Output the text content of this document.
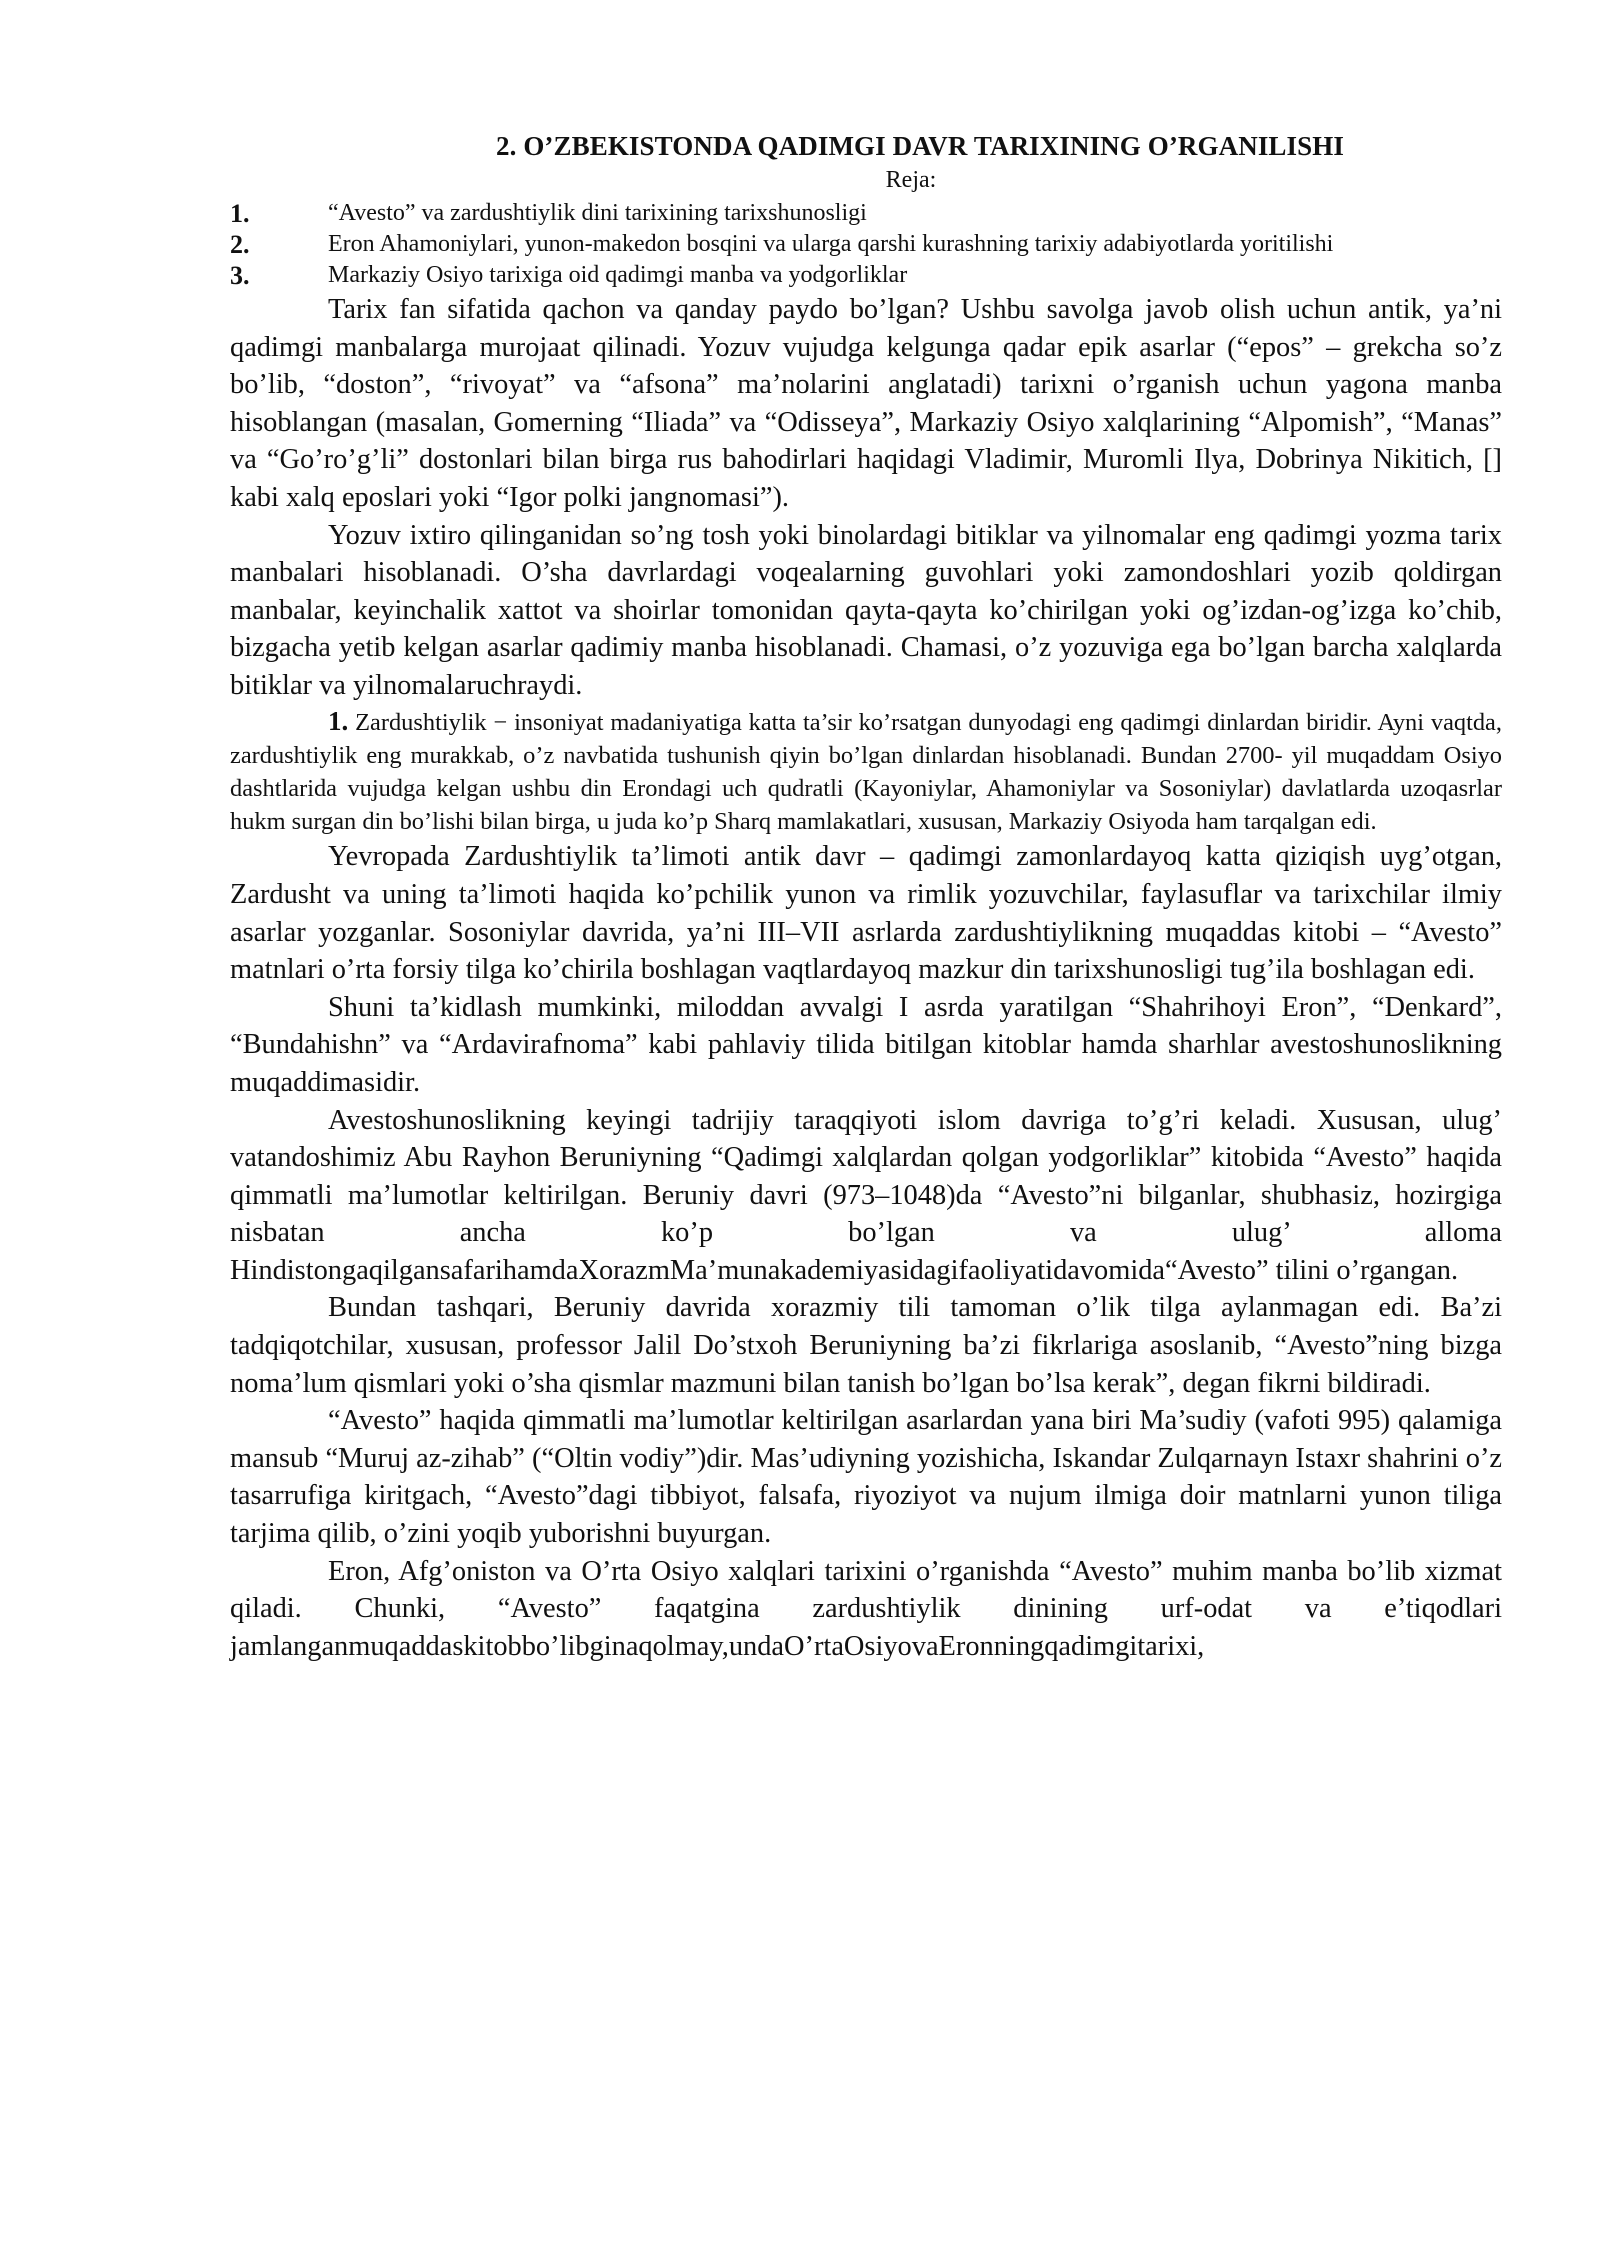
2. O’ZBEKISTONDA QADIMGI DAVR TARIXINING O’RGANILISHI
Reja:
1.	“Avesto” va zardushtiylik dini tarixining tarixshunosligi
2.	Eron Ahamoniylari, yunon-makedon bosqini va ularga qarshi kurashning tarixiy adabiyotlarda yoritilishi
3.	Markaziy Osiyo tarixiga oid qadimgi manba va yodgorliklar

Tarix fan sifatida qachon va qanday paydo bo’lgan? Ushbu savolga javob olish uchun antik, ya’ni qadimgi manbalarga murojaat qilinadi. Yozuv vujudga kelgunga qadar epik asarlar (“epos” – grekcha so’z bo’lib, “doston”, “rivoyat” va “afsona” ma’nolarini anglatadi) tarixni o’rganish uchun yagona manba hisoblangan (masalan, Gomerning “Iliada” va “Odisseya”, Markaziy Osiyo xalqlarining “Alpomish”, “Manas” va “Go’ro’g’li” dostonlari bilan birga rus bahodirlari haqidagi Vladimir, Muromli Ilya, Dobrinya Nikitich, [] kabi xalq eposlari yoki “Igor polki jangnomasi”).

Yozuv ixtiro qilinganidan so’ng tosh yoki binolardagi bitiklar va yilnomalar eng qadimgi yozma tarix manbalari hisoblanadi. O’sha davrlardagi voqealarning guvohlari yoki zamondoshlari yozib qoldirgan manbalar, keyinchalik xattot va shoirlar tomonidan qayta-qayta ko’chirilgan yoki og’izdan-og’izga ko’chib, bizgacha yetib kelgan asarlar qadimiy manba hisoblanadi. Chamasi, o’z yozuviga ega bo’lgan barcha xalqlarda bitiklar va yilnomalaruchraydi.

1. Zardushtiylik − insoniyat madaniyatiga katta ta’sir ko’rsatgan dunyodagi eng qadimgi dinlardan biridir. Ayni vaqtda, zardushtiylik eng murakkab, o’z navbatida tushunish qiyin bo’lgan dinlardan hisoblanadi. Bundan 2700- yil muqaddam Osiyo dashtlarida vujudga kelgan ushbu din Erondagi uch qudratli (Kayoniylar, Ahamoniylar va Sosoniylar) davlatlarda uzoqasrlar hukm surgan din bo’lishi bilan birga, u juda ko’p Sharq mamlakatlari, xususan, Markaziy Osiyoda ham tarqalgan edi.

Yevropada Zardushtiylik ta’limoti antik davr – qadimgi zamonlardayoq katta qiziqish uyg’otgan, Zardusht va uning ta’limoti haqida ko’pchilik yunon va rimlik yozuvchilar, faylasuflar va tarixchilar ilmiy asarlar yozganlar. Sosoniylar davrida, ya’ni III–VII asrlarda zardushtiylikning muqaddas kitobi – “Avesto” matnlari o’rta forsiy tilga ko’chirila boshlagan vaqtlardayoq mazkur din tarixshunosligi tug’ila boshlagan edi.

Shuni ta’kidlash mumkinki, miloddan avvalgi I asrda yaratilgan “Shahrihoyi Eron”, “Denkard”, “Bundahishn” va “Ardavirafnoma” kabi pahlaviy tilida bitilgan kitoblar hamda sharhlar avestoshunoslikning muqaddimasidir.

Avestoshunoslikning keyingi tadrijiy taraqqiyoti islom davriga to’g’ri keladi. Xususan, ulug’ vatandoshimiz Abu Rayhon Beruniyning “Qadimgi xalqlardan qolgan yodgorliklar” kitobida “Avesto” haqida qimmatli ma’lumotlar keltirilgan. Beruniy davri (973–1048)da “Avesto”ni bilganlar, shubhasiz, hozirgiga nisbatan ancha ko’p bo’lgan va ulug’ alloma HindistongaqilgansafarihamdaXorazmMa’munakademiyasidagifaoliyatidavomida“Avesto” tilini o’rgangan.

Bundan tashqari, Beruniy davrida xorazmiy tili tamoman o’lik tilga aylanmagan edi. Ba’zi tadqiqotchilar, xususan, professor Jalil Do’stxoh Beruniyning ba’zi fikrlariga asoslanib, “Avesto”ning bizga noma’lum qismlari yoki o’sha qismlar mazmuni bilan tanish bo’lgan bo’lsa kerak”, degan fikrni bildiradi.

“Avesto” haqida qimmatli ma’lumotlar keltirilgan asarlardan yana biri Ma’sudiy (vafoti 995) qalamiga mansub “Muruj az-zihab” (“Oltin vodiy”)dir. Mas’udiyning yozishicha, Iskandar Zulqarnayn Istaxr shahrini o’z tasarrufiga kiritgach, “Avesto”dagi tibbiyot, falsafa, riyoziyot va nujum ilmiga doir matnlarni yunon tiliga tarjima qilib, o’zini yoqib yuborishni buyurgan.

Eron, Afg’oniston va O’rta Osiyo xalqlari tarixini o’rganishda “Avesto” muhim manba bo’lib xizmat qiladi. Chunki, “Avesto” faqatgina zardushtiylik dinining urf-odat va e’tiqodlari jamlanganmuqaddaskitobbo’libginaqolmay,undaO’rtaOsiyovaEronningqadimgitarixi,
